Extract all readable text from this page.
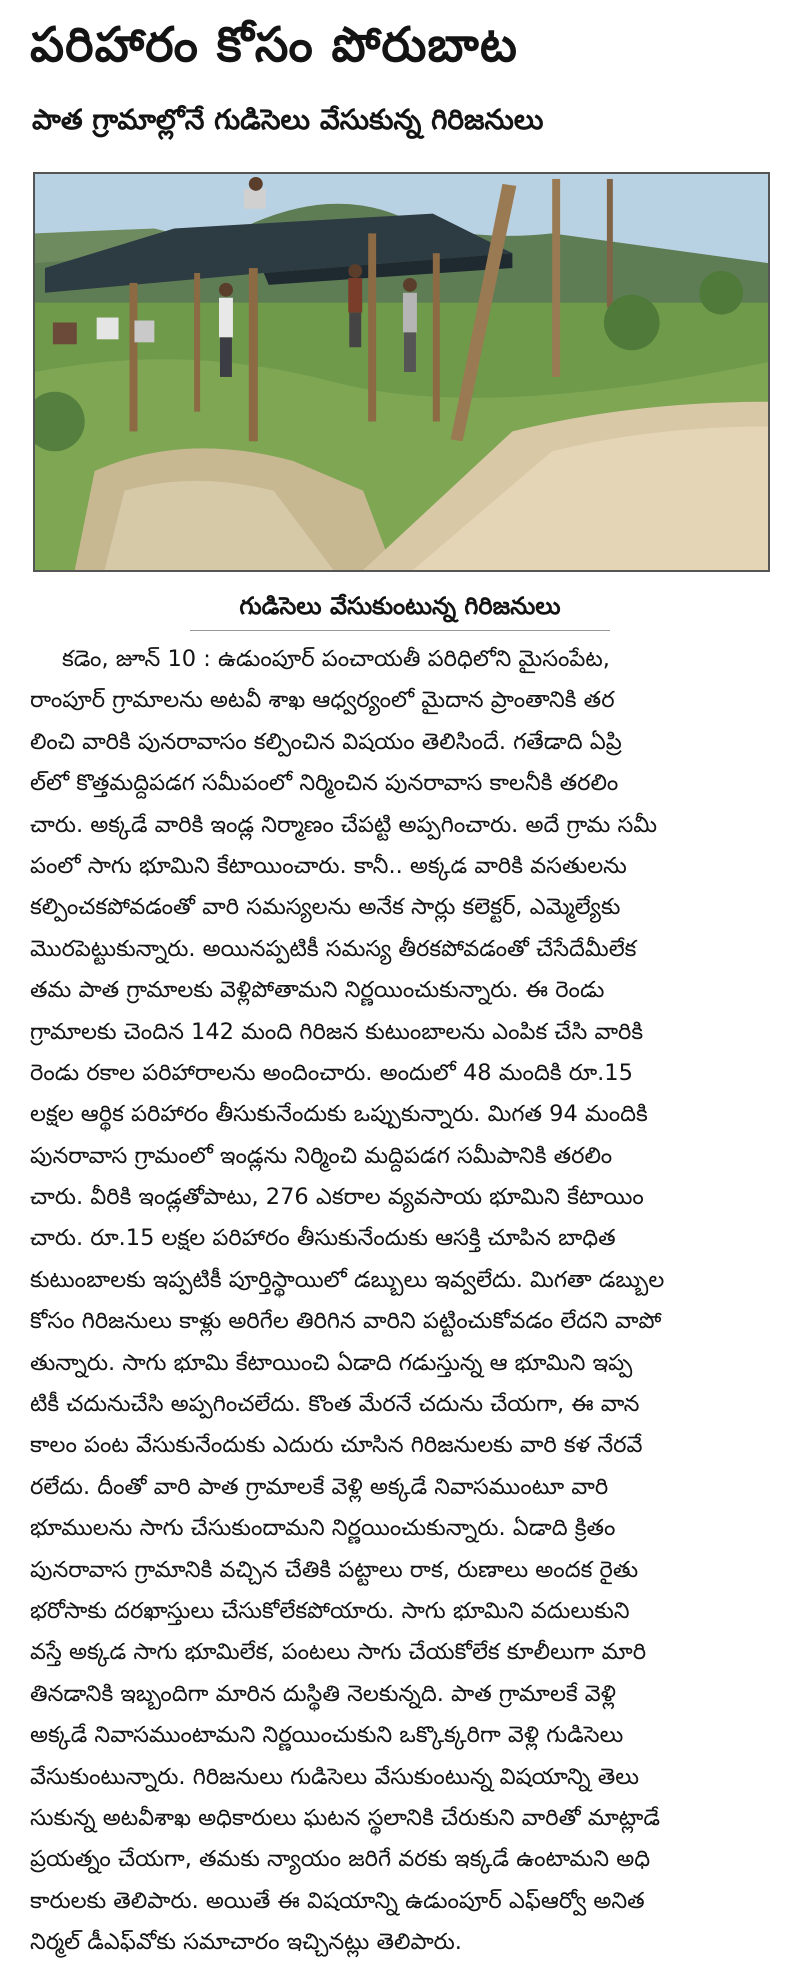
పరిహారం కోసం పోరుబాట
పాత గ్రామాల్లోనే గుడిసెలు వేసుకున్న గిరిజనులు
గుడిసెలు వేసుకుంటున్న గిరిజనులు
కడెం, జూన్ 10 : ఉడుంపూర్ పంచాయతీ పరిధిలోని మైసంపేట,
రాంపూర్ గ్రామాలను అటవీ శాఖ ఆధ్వర్యంలో మైదాన ప్రాంతానికి తర
లించి వారికి పునరావాసం కల్పించిన విషయం తెలిసిందే. గతేడాది ఏప్రి
ల్‌లో కొత్తమద్దిపడగ సమీపంలో నిర్మించిన పునరావాస కాలనీకి తరలిం
చారు. అక్కడే వారికి ఇండ్ల నిర్మాణం చేపట్టి అప్పగించారు. అదే గ్రామ సమీ
పంలో సాగు భూమిని కేటాయించారు. కానీ.. అక్కడ వారికి వసతులను
కల్పించకపోవడంతో వారి సమస్యలను అనేక సార్లు కలెక్టర్, ఎమ్మెల్యేకు
మొరపెట్టుకున్నారు. అయినప్పటికీ సమస్య తీరకపోవడంతో చేసేదేమీలేక
తమ పాత గ్రామాలకు వెళ్లిపోతామని నిర్ణయించుకున్నారు. ఈ రెండు
గ్రామాలకు చెందిన 142 మంది గిరిజన కుటుంబాలను ఎంపిక చేసి వారికి
రెండు రకాల పరిహారాలను అందించారు. అందులో 48 మందికి రూ.15
లక్షల ఆర్థిక పరిహారం తీసుకునేందుకు ఒప్పుకున్నారు. మిగత 94 మందికి
పునరావాస గ్రామంలో ఇండ్లను నిర్మించి మద్దిపడగ సమీపానికి తరలిం
చారు. వీరికి ఇండ్లతోపాటు, 276 ఎకరాల వ్యవసాయ భూమిని కేటాయిం
చారు. రూ.15 లక్షల పరిహారం తీసుకునేందుకు ఆసక్తి చూపిన బాధిత
కుటుంబాలకు ఇప్పటికీ పూర్తిస్థాయిలో డబ్బులు ఇవ్వలేదు. మిగతా డబ్బుల
కోసం గిరిజనులు కాళ్లు అరిగేల తిరిగిన వారిని పట్టించుకోవడం లేదని వాపో
తున్నారు. సాగు భూమి కేటాయించి ఏడాది గడుస్తున్న ఆ భూమిని ఇప్ప
టికీ చదునుచేసి అప్పగించలేదు. కొంత మేరనే చదును చేయగా, ఈ వాన
కాలం పంట వేసుకునేందుకు ఎదురు చూసిన గిరిజనులకు వారి కళ నేరవే
రలేదు. దీంతో వారి పాత గ్రామాలకే వెళ్లి అక్కడే నివాసముంటూ వారి
భూములను సాగు చేసుకుందామని నిర్ణయించుకున్నారు. ఏడాది క్రితం
పునరావాస గ్రామానికి వచ్చిన చేతికి పట్టాలు రాక, రుణాలు అందక రైతు
భరోసాకు దరఖాస్తులు చేసుకోలేకపోయారు. సాగు భూమిని వదులుకుని
వస్తే అక్కడ సాగు భూమిలేక, పంటలు సాగు చేయకోలేక కూలీలుగా మారి
తినడానికి ఇబ్బందిగా మారిన దుస్థితి నెలకున్నది. పాత గ్రామాలకే వెళ్లి
అక్కడే నివాసముంటామని నిర్ణయించుకుని ఒక్కొక్కరిగా వెళ్లి గుడిసెలు
వేసుకుంటున్నారు. గిరిజనులు గుడిసెలు వేసుకుంటున్న విషయాన్ని తెలు
సుకున్న అటవీశాఖ అధికారులు ఘటన స్థలానికి చేరుకుని వారితో మాట్లాడే
ప్రయత్నం చేయగా, తమకు న్యాయం జరిగే వరకు ఇక్కడే ఉంటామని అధి
కారులకు తెలిపారు. అయితే ఈ విషయాన్ని ఉడుంపూర్ ఎఫ్‌ఆర్వో అనిత
నిర్మల్ డీఎఫ్‌వోకు సమాచారం ఇచ్చినట్లు తెలిపారు.
